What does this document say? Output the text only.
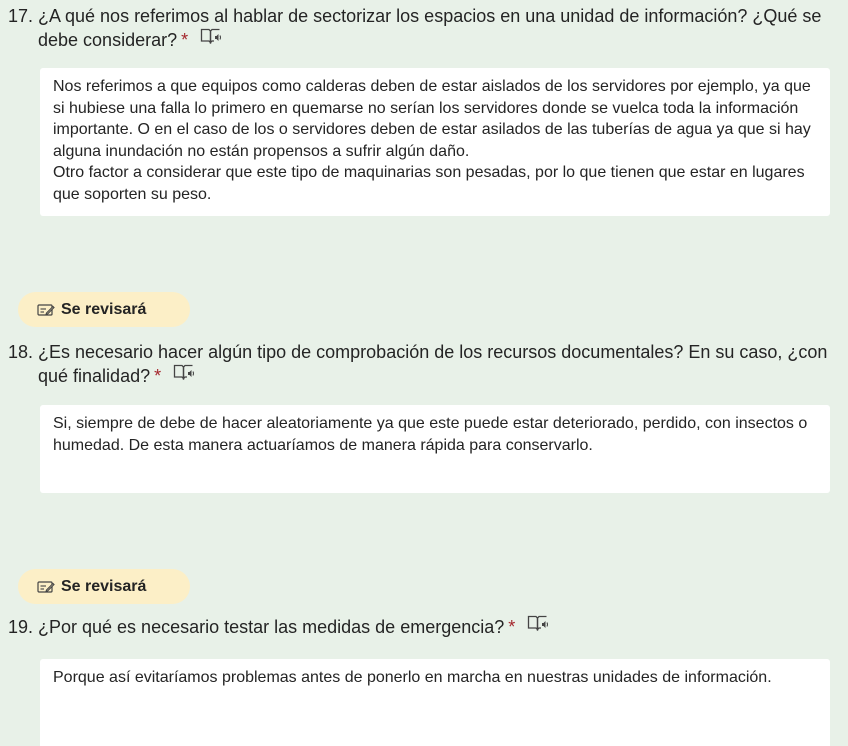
17. ¿A qué nos referimos al hablar de sectorizar los espacios en una unidad de información? ¿Qué se debe considerar? *
Nos referimos a que equipos como calderas deben de estar aislados de los servidores por ejemplo, ya que si hubiese una falla lo primero en quemarse no serían los servidores donde se vuelca toda la información importante. O en el caso de los o servidores deben de estar asilados de las tuberías de agua ya que si hay alguna inundación no están propensos a sufrir algún daño.
Otro factor a considerar que este tipo de maquinarias son pesadas, por lo que tienen que estar en lugares que soporten su peso.
Se revisará
18. ¿Es necesario hacer algún tipo de comprobación de los recursos documentales? En su caso, ¿con qué finalidad? *
Si, siempre de debe de hacer aleatoriamente ya que este puede estar deteriorado, perdido, con insectos o humedad. De esta manera actuaríamos de manera rápida para conservarlo.
Se revisará
19. ¿Por qué es necesario testar las medidas de emergencia? *
Porque así evitaríamos problemas antes de ponerlo en marcha en nuestras unidades de información.
